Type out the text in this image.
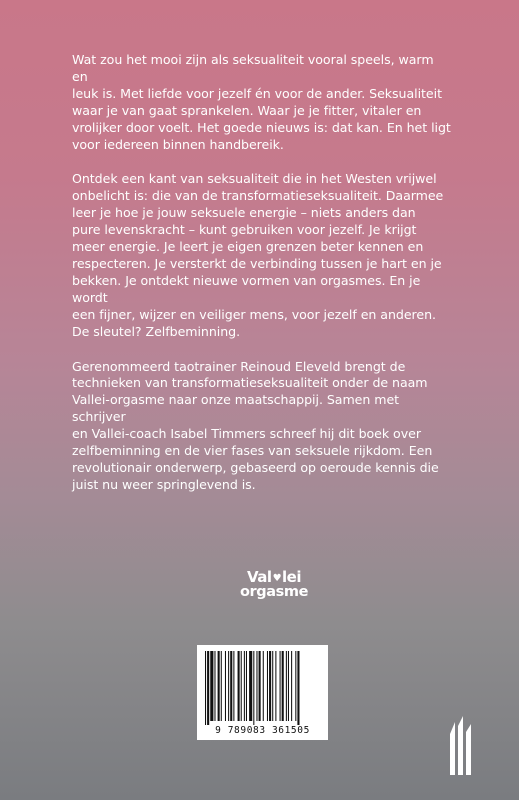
Wat zou het mooi zijn als seksualiteit vooral speels, warm en
leuk is. Met liefde voor jezelf én voor de ander. Seksualiteit
waar je van gaat sprankelen. Waar je je fitter, vitaler en
vrolijker door voelt. Het goede nieuws is: dat kan. En het ligt
voor iedereen binnen handbereik.

Ontdek een kant van seksualiteit die in het Westen vrijwel
onbelicht is: die van de transformatieseksualiteit. Daarmee
leer je hoe je jouw seksuele energie – niets anders dan
pure levenskracht – kunt gebruiken voor jezelf. Je krijgt
meer energie. Je leert je eigen grenzen beter kennen en
respecteren. Je versterkt de verbinding tussen je hart en je
bekken. Je ontdekt nieuwe vormen van orgasmes. En je wordt
een fijner, wijzer en veiliger mens, voor jezelf en anderen.
De sleutel? Zelfbeminning.

Gerenommeerd taotrainer Reinoud Eleveld brengt de
technieken van transformatieseksualiteit onder de naam
Vallei-orgasme naar onze maatschappij. Samen met schrijver
en Vallei-coach Isabel Timmers schreef hij dit boek over
zelfbeminning en de vier fases van seksuele rijkdom. Een
revolutionair onderwerp, gebaseerd op oeroude kennis die
juist nu weer springlevend is.

Val ♥ lei
orgasme
9 789083 361505
